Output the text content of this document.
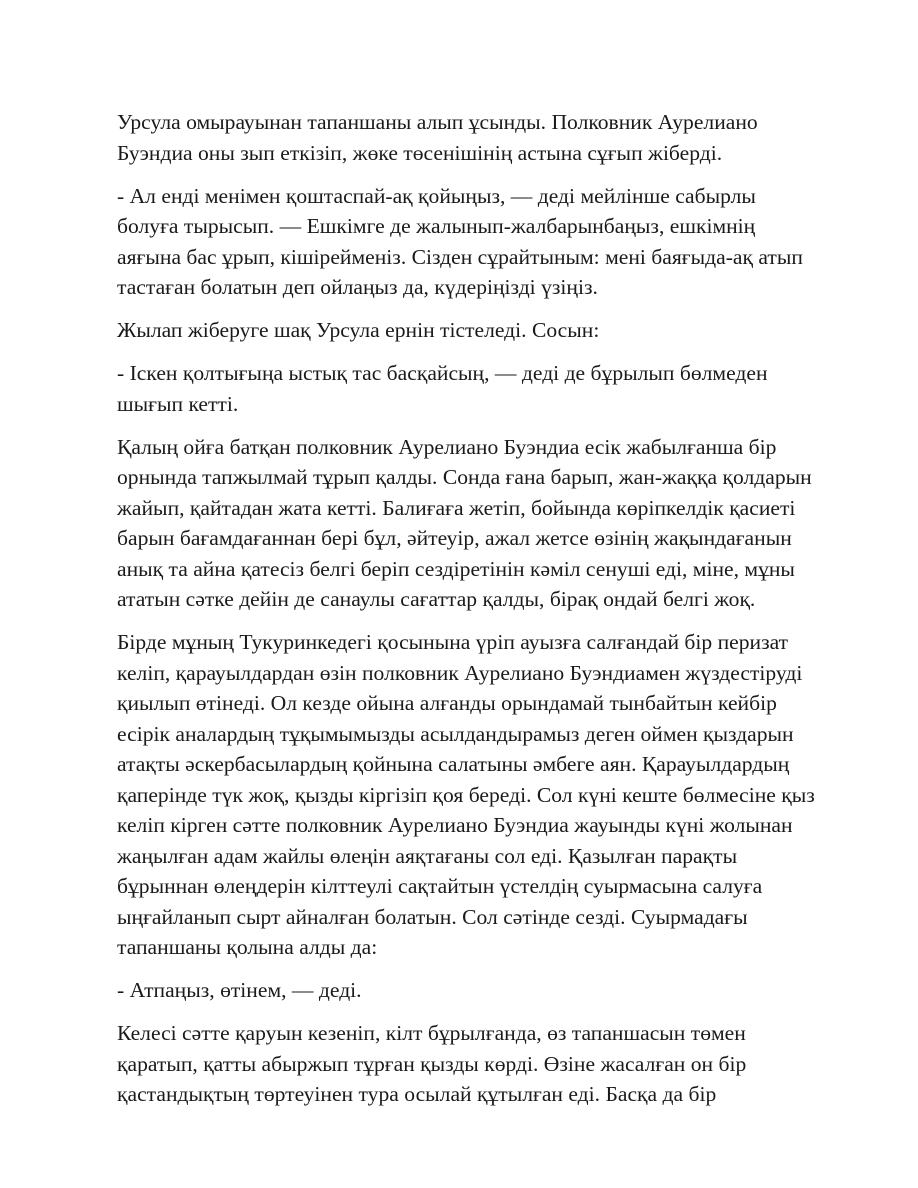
Урсула омырауынан тапаншаны алып ұсынды. Полковник Аурелиано Буэндиа оны зып еткізіп, жөке төсенішінің астына сұғып жіберді.

- Ал енді менімен қоштаспай-ақ қойыңыз, — деді мейлінше сабырлы болуға тырысып. — Ешкімге де жалынып-жалбарынбаңыз, ешкімнің аяғына бас ұрып, кішірейменіз. Сізден сұрайтыным: мені баяғыда-ақ атып тастаған болатын деп ойлаңыз да, күдеріңізді үзіңіз.

Жылап жіберуге шақ Урсула ернін тістеледі. Сосын:

- Іскен қолтығыңа ыстық тас басқайсың, — деді де бұрылып бөлмеден шығып кетті.

Қалың ойға батқан полковник Аурелиано Буэндиа есік жабылғанша бір орнында тапжылмай тұрып қалды. Сонда ғана барып, жан-жаққа қолдарын жайып, қайтадан жата кетті. Балиғаға жетіп, бойында көріпкелдік қасиеті барын бағамдағаннан бері бұл, әйтеуір, ажал жетсе өзінің жақындағанын анық та айна қатесіз белгі беріп сездіретінін кәміл сенуші еді, міне, мұны ататын сәтке дейін де санаулы сағаттар қалды, бірақ ондай белгі жоқ.

Бірде мұның Тукуринкедегі қосынына үріп ауызға салғандай бір перизат келіп, қарауылдардан өзін полковник Аурелиано Буэндиамен жүздестіруді қиылып өтінеді. Ол кезде ойына алғанды орындамай тынбайтын кейбір есірік аналардың тұқымымызды асылдандырамыз деген оймен қыздарын атақты әскербасылардың қойнына салатыны әмбеге аян. Қарауылдардың қаперінде түк жоқ, қызды кіргізіп қоя береді. Сол күні кеште бөлмесіне қыз келіп кірген сәтте полковник Аурелиано Буэндиа жауынды күні жолынан жаңылған адам жайлы өлеңін аяқтағаны сол еді. Қазылған парақты бұрыннан өлеңдерін кілттеулі сақтайтын үстелдің суырмасына салуға ыңғайланып сырт айналған болатын. Сол сәтінде сезді. Суырмадағы тапаншаны қолына алды да:

- Атпаңыз, өтінем, — деді.

Келесі сәтте қаруын кезеніп, кілт бұрылғанда, өз тапаншасын төмен қаратып, қатты абыржып тұрған қызды көрді. Өзіне жасалған он бір қастандықтың төртеуінен тура осылай құтылған еді. Басқа да бір
